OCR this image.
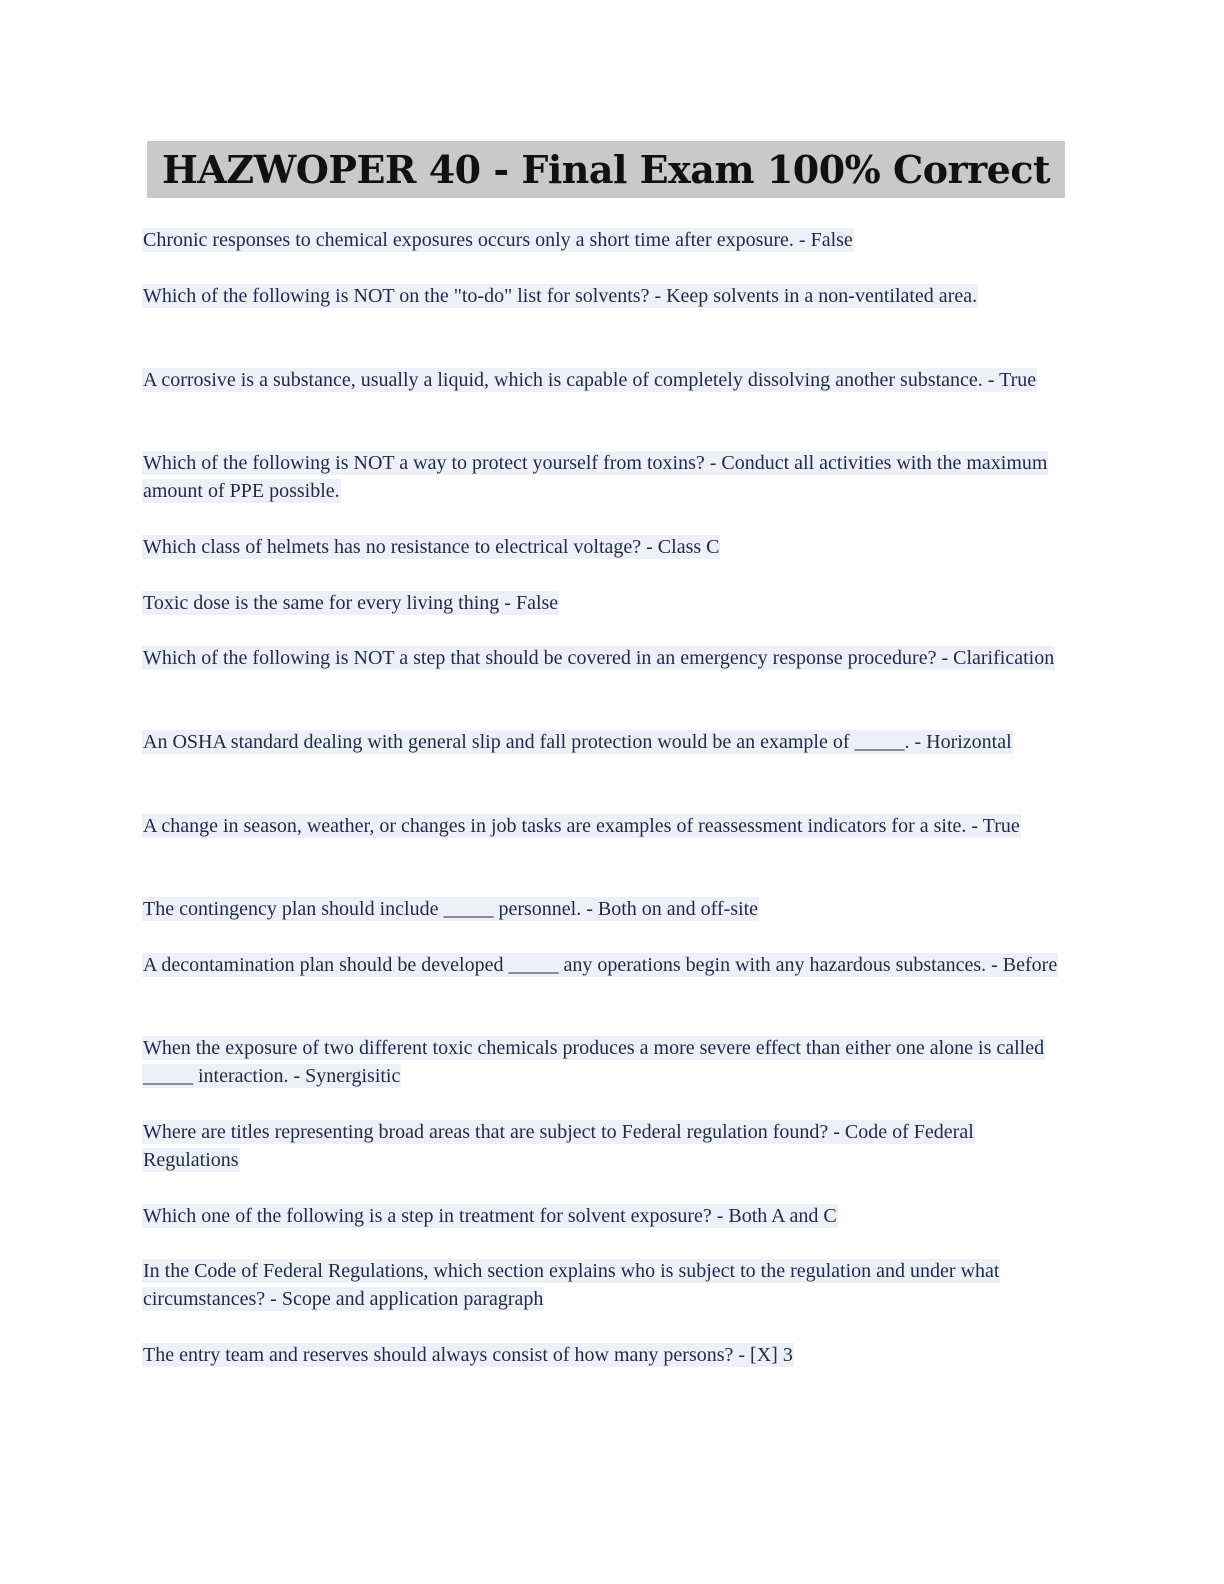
HAZWOPER 40 - Final Exam 100% Correct
Chronic responses to chemical exposures occurs only a short time after exposure. - False
Which of the following is NOT on the "to-do" list for solvents? - Keep solvents in a non-ventilated area.
A corrosive is a substance, usually a liquid, which is capable of completely dissolving another substance. - True
Which of the following is NOT a way to protect yourself from toxins? - Conduct all activities with the maximum amount of PPE possible.
Which class of helmets has no resistance to electrical voltage? - Class C
Toxic dose is the same for every living thing - False
Which of the following is NOT a step that should be covered in an emergency response procedure? - Clarification
An OSHA standard dealing with general slip and fall protection would be an example of _____. - Horizontal
A change in season, weather, or changes in job tasks are examples of reassessment indicators for a site. - True
The contingency plan should include _____ personnel. - Both on and off-site
A decontamination plan should be developed _____ any operations begin with any hazardous substances. - Before
When the exposure of two different toxic chemicals produces a more severe effect than either one alone is called _____ interaction. - Synergisitic
Where are titles representing broad areas that are subject to Federal regulation found? - Code of Federal Regulations
Which one of the following is a step in treatment for solvent exposure? - Both A and C
In the Code of Federal Regulations, which section explains who is subject to the regulation and under what circumstances? - Scope and application paragraph
The entry team and reserves should always consist of how many persons? - [X] 3
